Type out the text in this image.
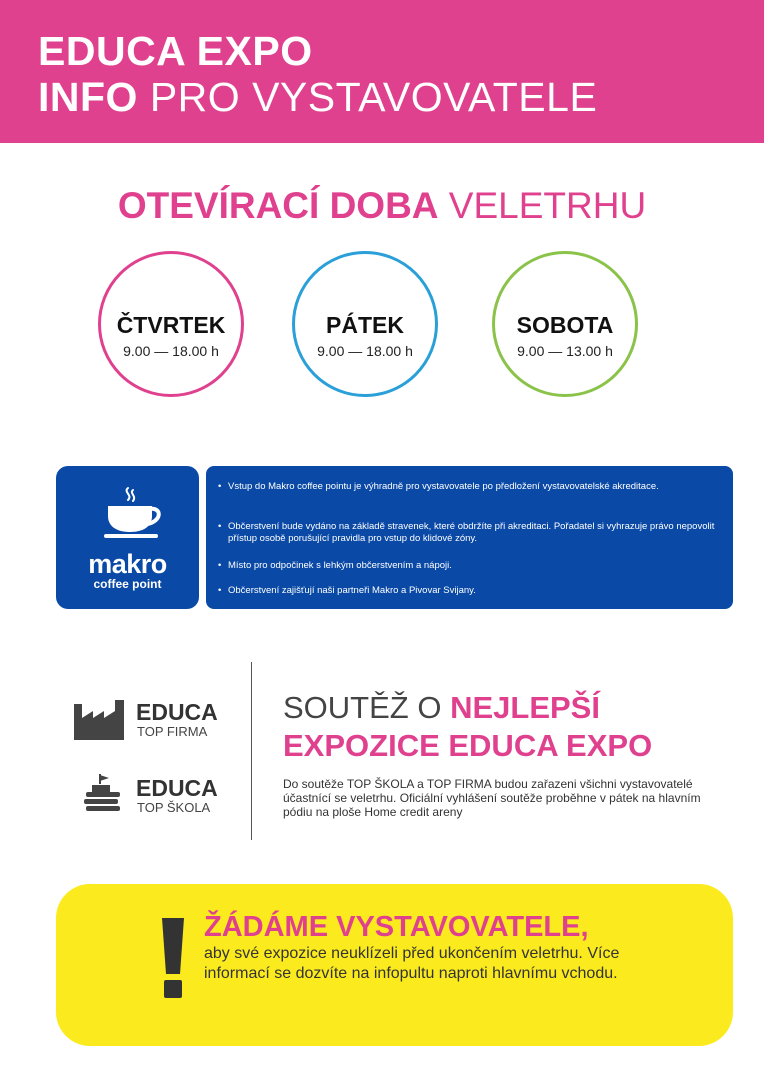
EDUCA EXPO
INFO PRO VYSTAVOVATELE
OTEVÍRACÍ DOBA VELETRHU
ČTVRTEK
9.00 — 18.00 h
PÁTEK
9.00 — 18.00 h
SOBOTA
9.00 — 13.00 h
makro
coffee point
• Vstup do Makro coffee pointu je výhradně pro vystavovatele po předložení vystavovatelské akreditace.
• Občerstvení bude vydáno na základě stravenek, které obdržíte při akreditaci. Pořadatel si vyhrazuje právo nepovolit přístup osobě porušující pravidla pro vstup do klidové zóny.
• Místo pro odpočinek s lehkým občerstvením a nápoji.
• Občerstvení zajišťují naši partneři Makro a Pivovar Svijany.
EDUCA
TOP FIRMA
EDUCA
TOP ŠKOLA
SOUTĚŽ O NEJLEPŠÍ
EXPOZICE EDUCA EXPO
Do soutěže TOP ŠKOLA a TOP FIRMA budou zařazeni všichni vystavovatelé účastnící se veletrhu. Oficiální vyhlášení soutěže proběhne v pátek na hlavním pódiu na ploše Home credit areny
ŽÁDÁME VYSTAVOVATELE,
aby své expozice neuklízeli před ukončením veletrhu. Více informací se dozvíte na infopultu naproti hlavnímu vchodu.
